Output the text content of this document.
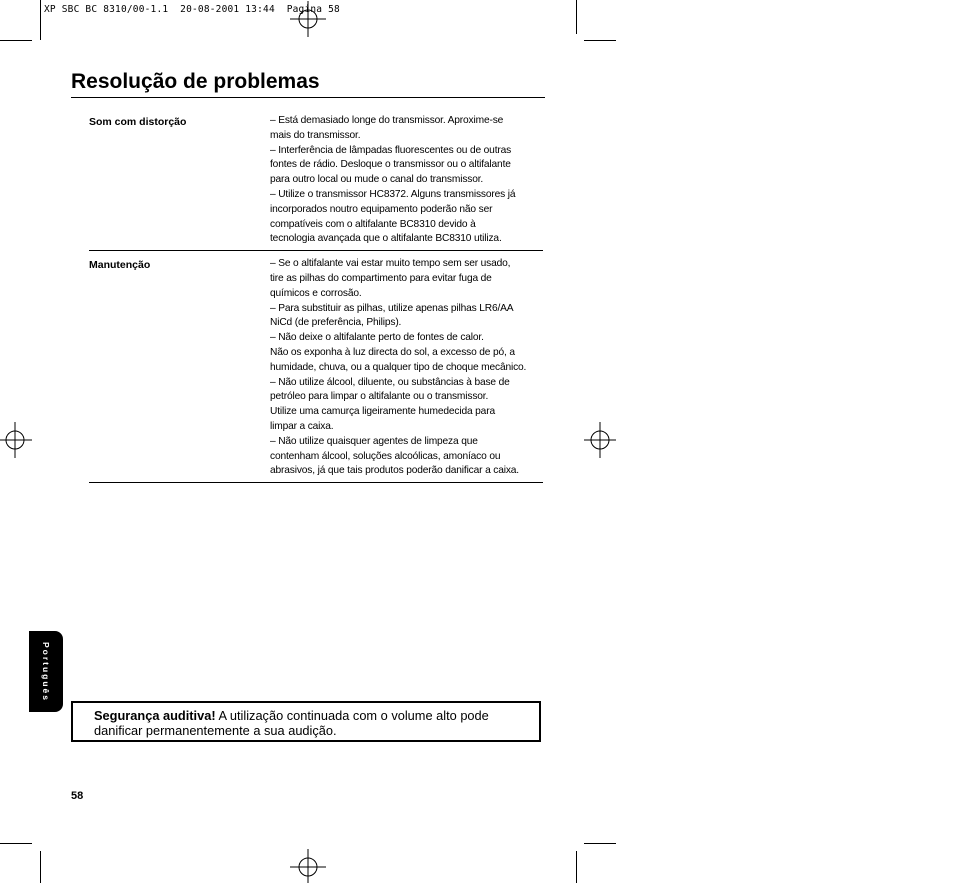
XP SBC BC 8310/00-1.1  20-08-2001 13:44  Pagina 58
Resolução de problemas
Som com distorção	– Está demasiado longe do transmissor. Aproxime-se
mais do transmissor.
– Interferência de lâmpadas fluorescentes ou de outras
fontes de rádio. Desloque o transmissor ou o altifalante
para outro local ou mude o canal do transmissor.
– Utilize o transmissor HC8372. Alguns transmissores já
incorporados noutro equipamento poderão não ser
compatíveis com o altifalante BC8310 devido à
tecnologia avançada que o altifalante BC8310 utiliza.
Manutenção	– Se o altifalante vai estar muito tempo sem ser usado,
tire as pilhas do compartimento para evitar fuga de
químicos e corrosão.
– Para substituir as pilhas, utilize apenas pilhas LR6/AA
NiCd (de preferência, Philips).
– Não deixe o altifalante perto de fontes de calor.
Não os exponha à luz directa do sol, a excesso de pó, a
humidade, chuva, ou a qualquer tipo de choque mecânico.
– Não utilize álcool, diluente, ou substâncias à base de
petróleo para limpar o altifalante ou o transmissor.
Utilize uma camurça ligeiramente humedecida para
limpar a caixa.
– Não utilize quaisquer agentes de limpeza que
contenham álcool, soluções alcoólicas, amoníaco ou
abrasivos, já que tais produtos poderão danificar a caixa.
Português
Segurança auditiva! A utilização continuada com o volume alto pode
danificar permanentemente a sua audição.
58
